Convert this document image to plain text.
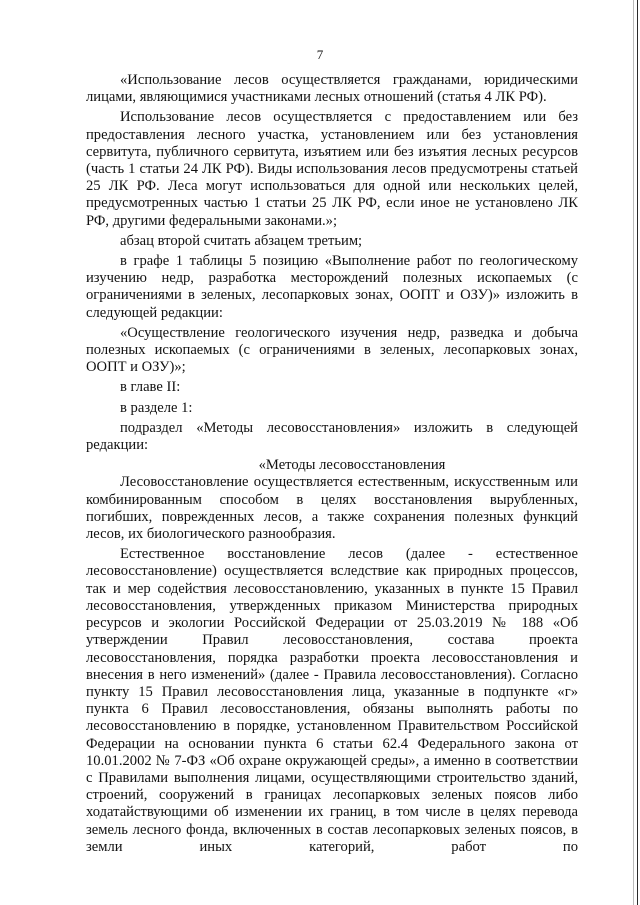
7

«Использование лесов осуществляется гражданами, юридическими лицами, являющимися участниками лесных отношений (статья 4 ЛК РФ).

Использование лесов осуществляется с предоставлением или без предоставления лесного участка, установлением или без установления сервитута, публичного сервитута, изъятием или без изъятия лесных ресурсов (часть 1 статьи 24 ЛК РФ). Виды использования лесов предусмотрены статьей 25 ЛК РФ. Леса могут использоваться для одной или нескольких целей, предусмотренных частью 1 статьи 25 ЛК РФ, если иное не установлено ЛК РФ, другими федеральными законами.»;

абзац второй считать абзацем третьим;

в графе 1 таблицы 5 позицию «Выполнение работ по геологическому изучению недр, разработка месторождений полезных ископаемых (с ограничениями в зеленых, лесопарковых зонах, ООПТ и ОЗУ)» изложить в следующей редакции:

«Осуществление геологического изучения недр, разведка и добыча полезных ископаемых (с ограничениями в зеленых, лесопарковых зонах, ООПТ и ОЗУ)»;

в главе II:

в разделе 1:

подраздел «Методы лесовосстановления» изложить в следующей редакции:

«Методы лесовосстановления

Лесовосстановление осуществляется естественным, искусственным или комбинированным способом в целях восстановления вырубленных, погибших, поврежденных лесов, а также сохранения полезных функций лесов, их биологического разнообразия.

Естественное восстановление лесов (далее - естественное лесовосстановление) осуществляется вследствие как природных процессов, так и мер содействия лесовосстановлению, указанных в пункте 15 Правил лесовосстановления, утвержденных приказом Министерства природных ресурсов и экологии Российской Федерации от 25.03.2019 № 188 «Об утверждении Правил лесовосстановления, состава проекта лесовосстановления, порядка разработки проекта лесовосстановления и внесения в него изменений» (далее - Правила лесовосстановления). Согласно пункту 15 Правил лесовосстановления лица, указанные в подпункте «г» пункта 6 Правил лесовосстановления, обязаны выполнять работы по лесовосстановлению в порядке, установленном Правительством Российской Федерации на основании пункта 6 статьи 62.4 Федерального закона от 10.01.2002 № 7-ФЗ «Об охране окружающей среды», а именно в соответствии с Правилами выполнения лицами, осуществляющими строительство зданий, строений, сооружений в границах лесопарковых зеленых поясов либо ходатайствующими об изменении их границ, в том числе в целях перевода земель лесного фонда, включенных в состав лесопарковых зеленых поясов, в земли иных категорий, работ по
